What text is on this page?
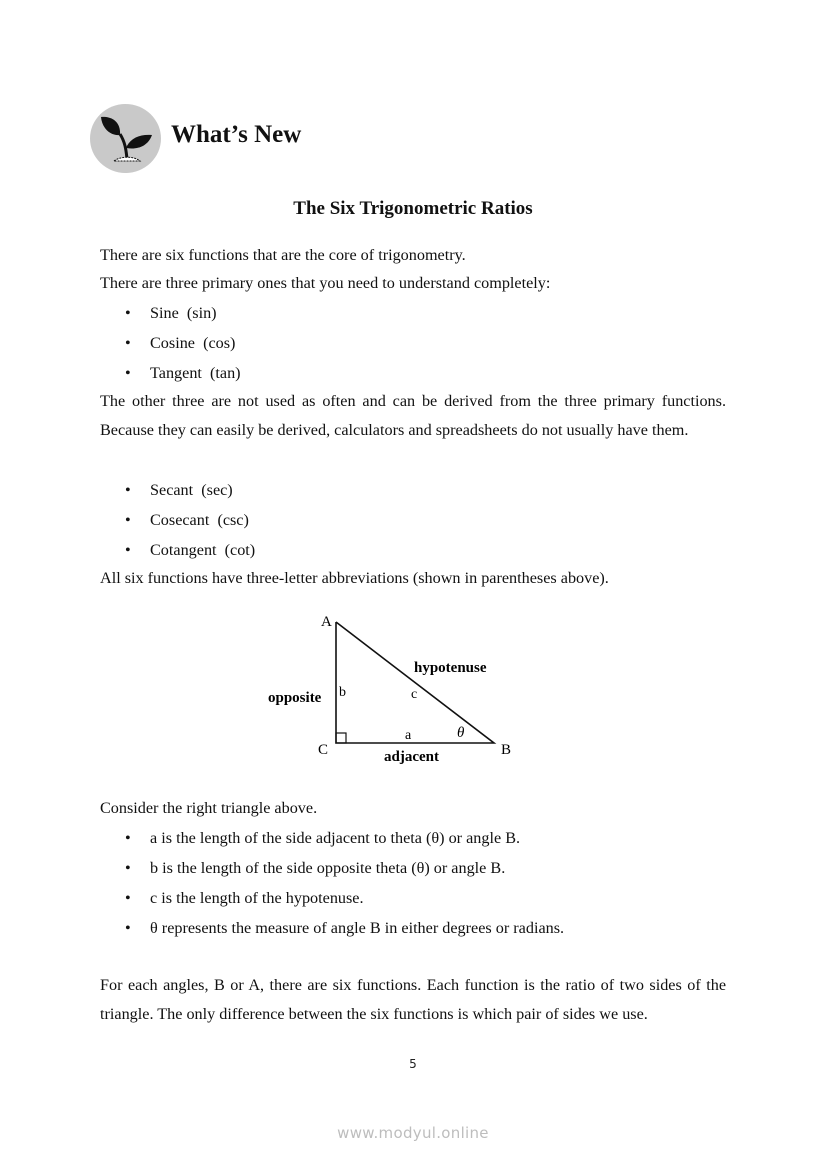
What’s New
The Six Trigonometric Ratios
There are six functions that are the core of trigonometry.
There are three primary ones that you need to understand completely:
• Sine (sin)
• Cosine (cos)
• Tangent (tan)
The other three are not used as often and can be derived from the three primary functions. Because they can easily be derived, calculators and spreadsheets do not usually have them.
• Secant (sec)
• Cosecant (csc)
• Cotangent (cot)
All six functions have three-letter abbreviations (shown in parentheses above).
A
C	B
b	c
a	θ
hypotenuse
opposite
adjacent
Consider the right triangle above.
• a is the length of the side adjacent to theta (θ) or angle B.
• b is the length of the side opposite theta (θ) or angle B.
• c is the length of the hypotenuse.
• θ represents the measure of angle B in either degrees or radians.
For each angles, B or A, there are six functions. Each function is the ratio of two sides of the triangle. The only difference between the six functions is which pair of sides we use.
5
www.modyul.online
